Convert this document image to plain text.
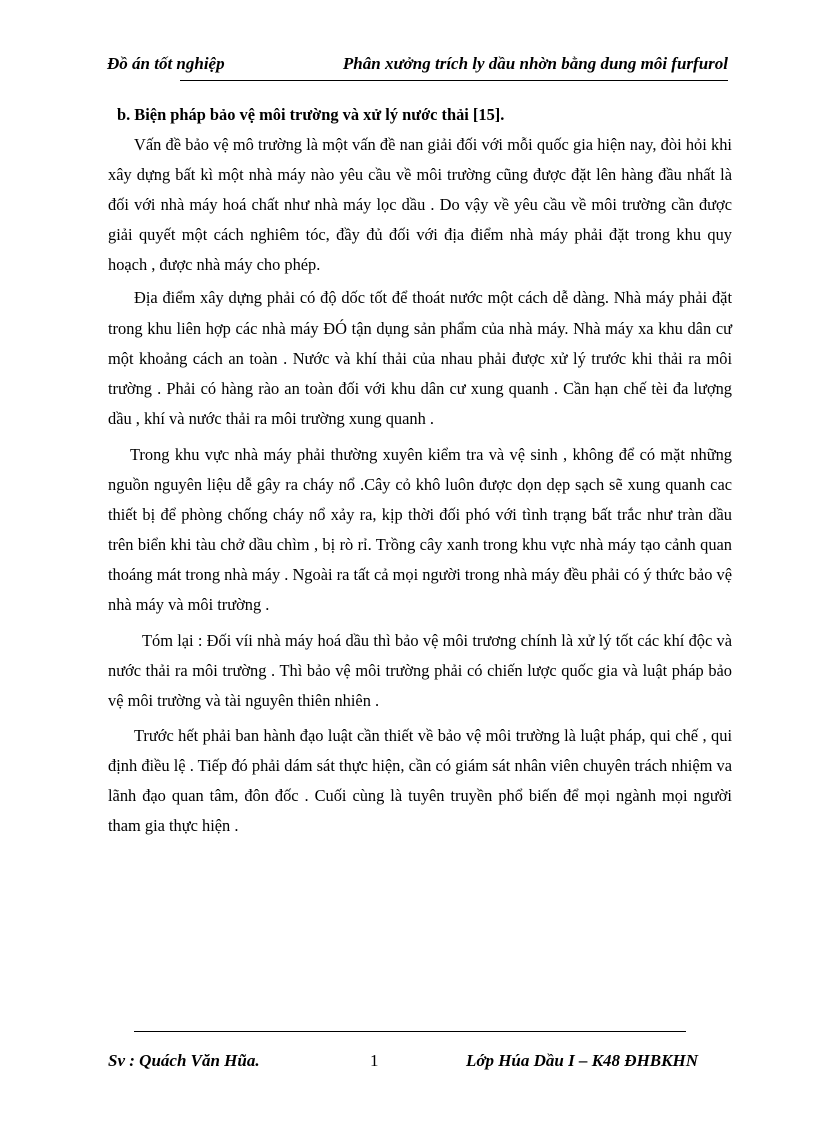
Đồ án tốt nghiệp	Phân xưởng trích ly dầu nhờn bằng dung môi furfurol

b. Biện pháp bảo vệ môi trường và xử lý nước thải [15].

Vấn đề bảo vệ mô trường là một vấn đề nan giải đối với mỗi quốc gia hiện nay, đòi hỏi khi xây dựng bất kì một nhà máy nào yêu cầu về môi trường cũng được đặt lên hàng đầu nhất là đối với nhà máy hoá chất như nhà máy lọc dầu . Do vậy về yêu cầu về môi trường cần được giải quyết một cách nghiêm tóc, đầy đủ đối với địa điểm nhà máy phải đặt trong khu quy hoạch , được nhà máy cho phép.

Địa điểm xây dựng phải có độ dốc tốt để thoát nước một cách dễ dàng. Nhà máy phải đặt trong khu liên hợp các nhà máy ĐÓ tận dụng sản phẩm của nhà máy. Nhà máy xa khu dân cư một khoảng cách an toàn . Nước và khí thải của nhau phải được xử lý trước khi thải ra môi trường . Phải có hàng rào an toàn đối với khu dân cư xung quanh . Cần hạn chế tèi đa lượng dầu , khí và nước thải ra môi trường xung quanh .

Trong khu vực nhà máy phải thường xuyên kiểm tra và vệ sinh , không để có mặt những nguồn nguyên liệu dễ gây ra cháy nổ .Cây cỏ khô luôn được dọn dẹp sạch sẽ xung quanh cac thiết bị để phòng chống cháy nổ xảy ra, kịp thời đối phó với tình trạng bất trắc như tràn dầu trên biển khi tàu chở dầu chìm , bị rò rỉ. Trồng cây xanh trong khu vực nhà máy tạo cảnh quan thoáng mát trong nhà máy . Ngoài ra tất cả mọi người trong nhà máy đều phải có ý thức bảo vệ nhà máy và môi trường .

Tóm lại : Đối víi nhà máy hoá dầu thì bảo vệ môi trương chính là xử lý tốt các khí độc và nước thải ra môi trường . Thì bảo vệ môi trường phải có chiến lược quốc gia và luật pháp bảo vệ môi trường và tài nguyên thiên nhiên .

Trước hết phải ban hành đạo luật cần thiết về bảo vệ môi trường là luật pháp, qui chế , qui định điều lệ . Tiếp đó phải dám sát thực hiện, cần có giám sát nhân viên chuyên trách nhiệm va lãnh đạo quan tâm, đôn đốc . Cuối cùng là tuyên truyền phổ biến để mọi ngành mọi người tham gia thực hiện .

Sv : Quách Văn Hũa.	1	Lớp Húa Dầu I – K48 ĐHBKHN
